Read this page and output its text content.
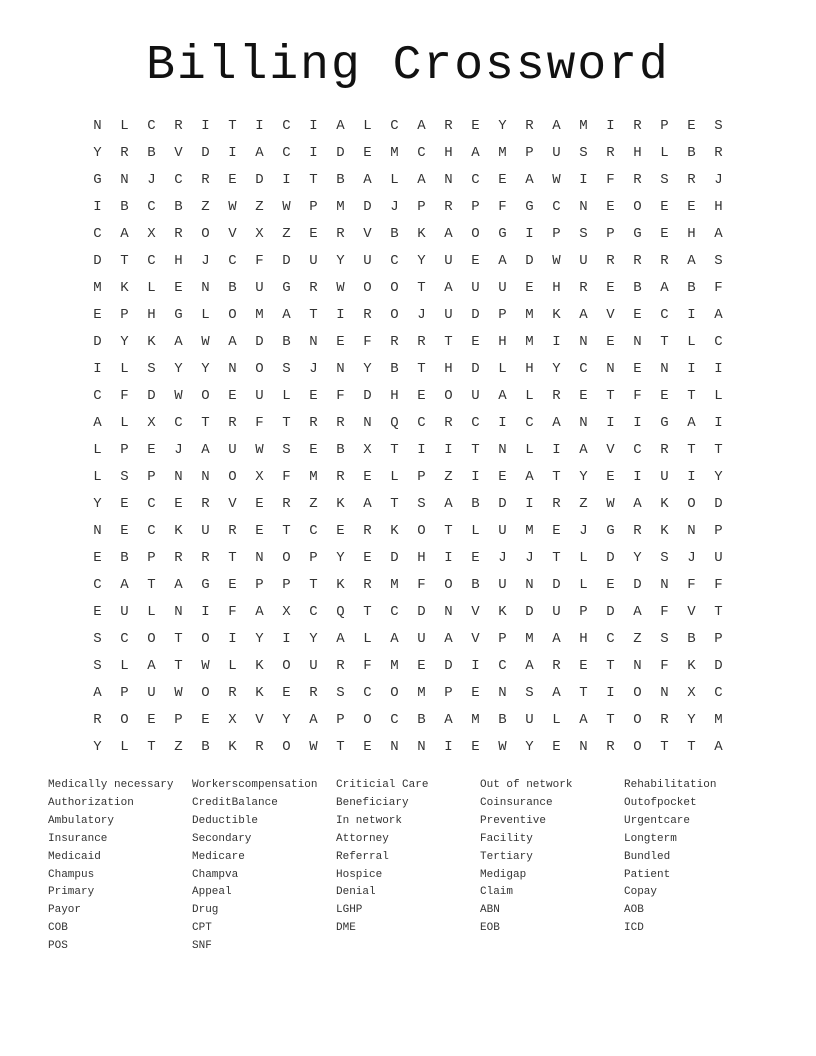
Billing Crossword
N	L	C	R	I	T	I	C	I	A	L	C	A	R	E	Y	R	A	M	I	R	P	E	S
Y	R	B	V	D	I	A	C	I	D	E	M	C	H	A	M	P	U	S	R	H	L	B	R
G	N	J	C	R	E	D	I	T	B	A	L	A	N	C	E	A	W	I	F	R	S	R	J
I	B	C	B	Z	W	Z	W	P	M	D	J	P	R	P	F	G	C	N	E	O	E	E	H
C	A	X	R	O	V	X	Z	E	R	V	B	K	A	O	G	I	P	S	P	G	E	H	A
D	T	C	H	J	C	F	D	U	Y	U	C	Y	U	E	A	D	W	U	R	R	R	A	S
M	K	L	E	N	B	U	G	R	W	O	O	T	A	U	U	E	H	R	E	B	A	B	F
E	P	H	G	L	O	M	A	T	I	R	O	J	U	D	P	M	K	A	V	E	C	I	A
D	Y	K	A	W	A	D	B	N	E	F	R	R	T	E	H	M	I	N	E	N	T	L	C
I	L	S	Y	Y	N	O	S	J	N	Y	B	T	H	D	L	H	Y	C	N	E	N	I	I
C	F	D	W	O	E	U	L	E	F	D	H	E	O	U	A	L	R	E	T	F	E	T	L
A	L	X	C	T	R	F	T	R	R	N	Q	C	R	C	I	C	A	N	I	I	G	A	I
L	P	E	J	A	U	W	S	E	B	X	T	I	I	T	N	L	I	A	V	C	R	T	T
L	S	P	N	N	O	X	F	M	R	E	L	P	Z	I	E	A	T	Y	E	I	U	I	Y
Y	E	C	E	R	V	E	R	Z	K	A	T	S	A	B	D	I	R	Z	W	A	K	O	D
N	E	C	K	U	R	E	T	C	E	R	K	O	T	L	U	M	E	J	G	R	K	N	P
E	B	P	R	R	T	N	O	P	Y	E	D	H	I	E	J	J	T	L	D	Y	S	J	U
C	A	T	A	G	E	P	P	T	K	R	M	F	O	B	U	N	D	L	E	D	N	F	F
E	U	L	N	I	F	A	X	C	Q	T	C	D	N	V	K	D	U	P	D	A	F	V	T
S	C	O	T	O	I	Y	I	Y	A	L	A	U	A	V	P	M	A	H	C	Z	S	B	P
S	L	A	T	W	L	K	O	U	R	F	M	E	D	I	C	A	R	E	T	N	F	K	D
A	P	U	W	O	R	K	E	R	S	C	O	M	P	E	N	S	A	T	I	O	N	X	C
R	O	E	P	E	X	V	Y	A	P	O	C	B	A	M	B	U	L	A	T	O	R	Y	M
Y	L	T	Z	B	K	R	O	W	T	E	N	N	I	E	W	Y	E	N	R	O	T	T	A
Medically necessary
Authorization
Ambulatory
Insurance
Medicaid
Champus
Primary
Payor
COB
POS
Workerscompensation
CreditBalance
Deductible
Secondary
Medicare
Champva
Appeal
Drug
CPT
SNF
Criticial Care
Beneficiary
In network
Attorney
Referral
Hospice
Denial
LGHP
DME
Out of network
Coinsurance
Preventive
Facility
Tertiary
Medigap
Claim
ABN
EOB
Rehabilitation
Outofpocket
Urgentcare
Longterm
Bundled
Patient
Copay
AOB
ICD
